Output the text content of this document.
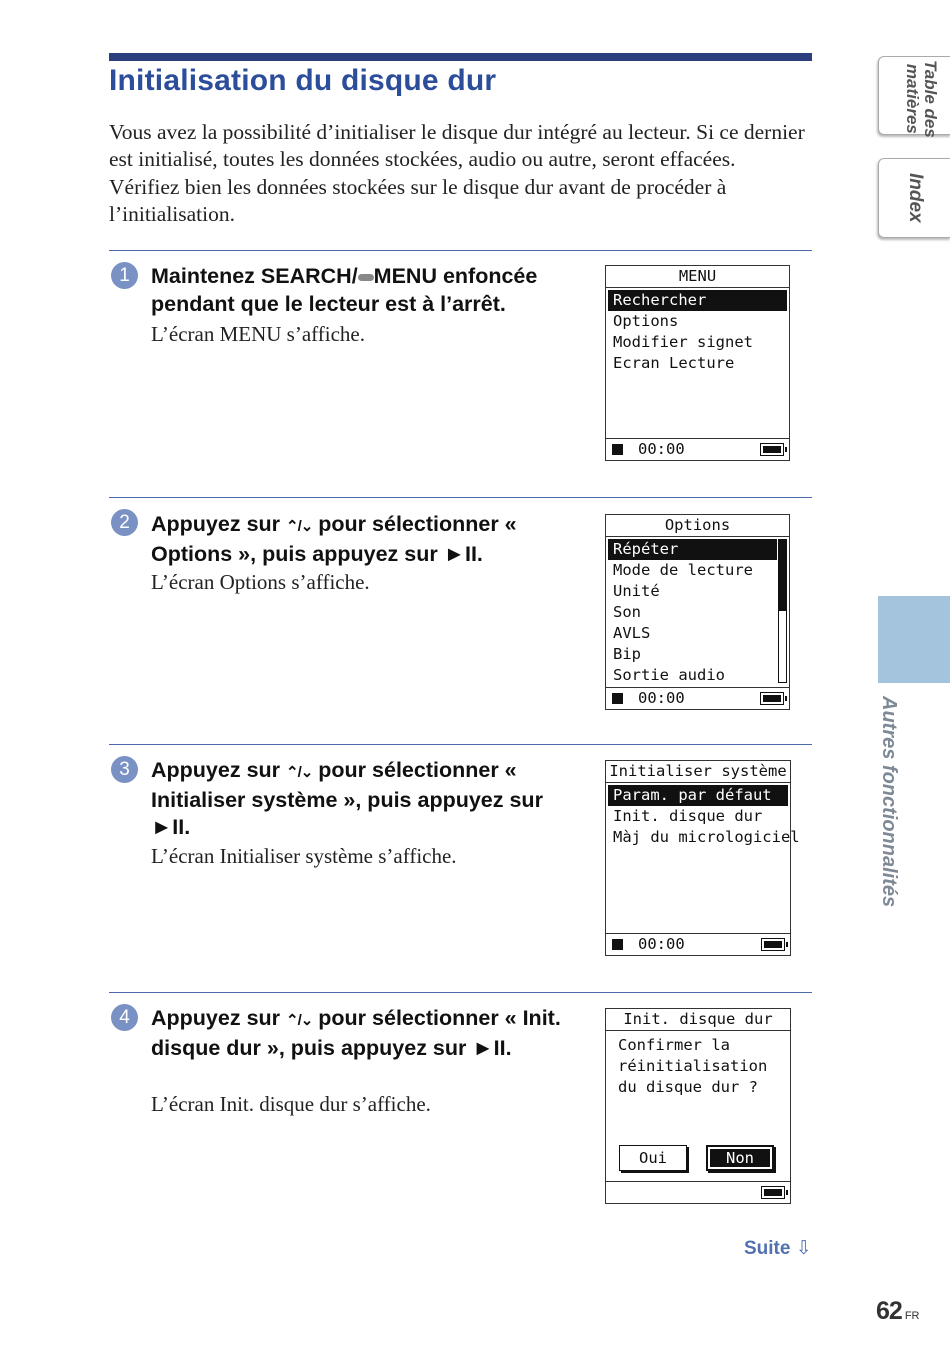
Initialisation du disque dur
Vous avez la possibilité d’initialiser le disque dur intégré au lecteur. Si ce dernier est initialisé, toutes les données stockées, audio ou autre, seront effacées. Vérifiez bien les données stockées sur le disque dur avant de procéder à l’initialisation.
1 Maintenez SEARCH/ MENU enfoncée pendant que le lecteur est à l’arrêt.
L’écran MENU s’affiche.
MENU
Rechercher
Options
Modifier signet
Ecran Lecture
00:00
2 Appuyez sur ⌃/⌄ pour sélectionner « Options », puis appuyez sur ►II.
L’écran Options s’affiche.
Options
Répéter
Mode de lecture
Unité
Son
AVLS
Bip
Sortie audio
00:00
3 Appuyez sur ⌃/⌄ pour sélectionner « Initialiser système », puis appuyez sur ►II.
L’écran Initialiser système s’affiche.
Initialiser système
Param. par défaut
Init. disque dur
Màj du micrologiciel
00:00
4 Appuyez sur ⌃/⌄ pour sélectionner « Init. disque dur », puis appuyez sur ►II.
L’écran Init. disque dur s’affiche.
Init. disque dur
Confirmer la
réinitialisation
du disque dur ?
Oui	Non
Table des
matières
Index
Autres fonctionnalités
Suite ⇩
62 FR
